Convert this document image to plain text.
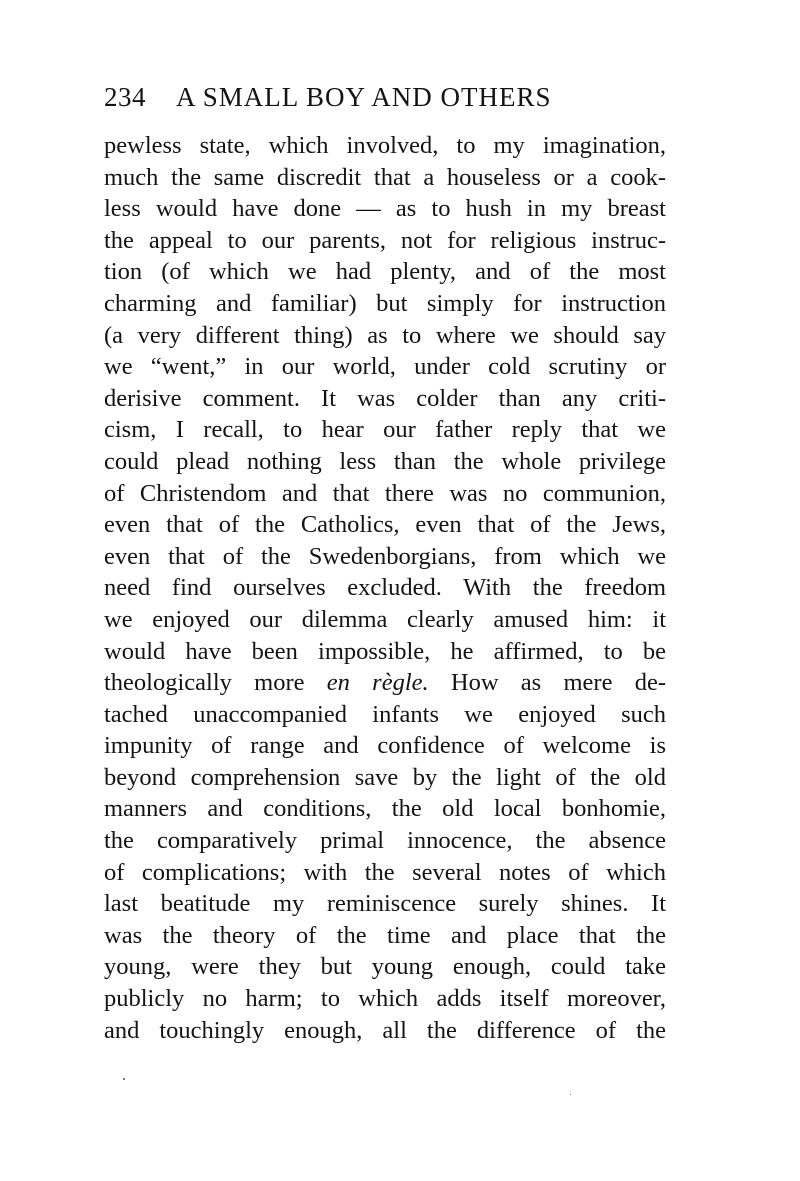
234 A SMALL BOY AND OTHERS
pewless state, which involved, to my imagination,
much the same discredit that a houseless or a cook-
less would have done — as to hush in my breast
the appeal to our parents, not for religious instruc-
tion (of which we had plenty, and of the most
charming and familiar) but simply for instruction
(a very different thing) as to where we should say
we “went,” in our world, under cold scrutiny or
derisive comment. It was colder than any criti-
cism, I recall, to hear our father reply that we
could plead nothing less than the whole privilege
of Christendom and that there was no communion,
even that of the Catholics, even that of the Jews,
even that of the Swedenborgians, from which we
need find ourselves excluded. With the freedom
we enjoyed our dilemma clearly amused him: it
would have been impossible, he affirmed, to be
theologically more en règle. How as mere de-
tached unaccompanied infants we enjoyed such
impunity of range and confidence of welcome is
beyond comprehension save by the light of the old
manners and conditions, the old local bonhomie,
the comparatively primal innocence, the absence
of complications; with the several notes of which
last beatitude my reminiscence surely shines. It
was the theory of the time and place that the
young, were they but young enough, could take
publicly no harm; to which adds itself moreover,
and touchingly enough, all the difference of the
